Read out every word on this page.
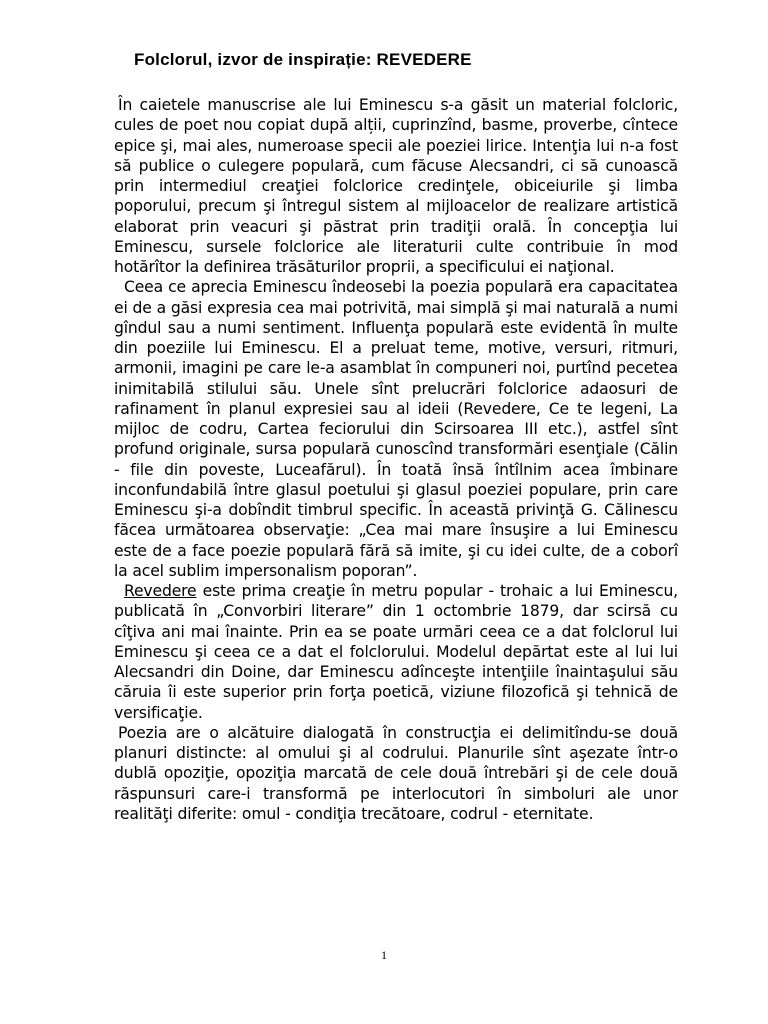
Folclorul, izvor de inspirație: REVEDERE

În caietele manuscrise ale lui Eminescu s-a găsit un material folcloric, cules de poet nou copiat după alții, cuprinzînd, basme, proverbe, cîntece epice şi, mai ales, numeroase specii ale poeziei lirice. Intenţia lui n-a fost să publice o culegere populară, cum făcuse Alecsandri, ci să cunoască prin intermediul creaţiei folclorice credinţele, obiceiurile şi limba poporului, precum şi întregul sistem al mijloacelor de realizare artistică elaborat prin veacuri şi păstrat prin tradiţii orală. În concepţia lui Eminescu, sursele folclorice ale literaturii culte contribuie în mod hotărîtor la definirea trăsăturilor proprii, a specificului ei naţional.

Ceea ce aprecia Eminescu îndeosebi la poezia populară era capacitatea ei de a găsi expresia cea mai potrivită, mai simplă şi mai naturală a numi gîndul sau a numi sentiment. Influenţa populară este evidentă în multe din poeziile lui Eminescu. El a preluat teme, motive, versuri, ritmuri, armonii, imagini pe care le-a asamblat în compuneri noi, purtînd pecetea inimitabilă stilului său. Unele sînt prelucrări folclorice adaosuri de rafinament în planul expresiei sau al ideii (Revedere, Ce te legeni, La mijloc de codru, Cartea feciorului din Scirsoarea III etc.), astfel sînt profund originale, sursa populară cunoscînd transformări esenţiale (Călin - file din poveste, Luceafărul). În toată însă întîlnim acea îmbinare inconfundabilă între glasul poetului şi glasul poeziei populare, prin care Eminescu şi-a dobîndit timbrul specific. În această privinţă G. Călinescu făcea următoarea observaţie: „Cea mai mare însuşire a lui Eminescu este de a face poezie populară fără să imite, şi cu idei culte, de a coborî la acel sublim impersonalism poporan”.

Revedere este prima creaţie în metru popular - trohaic a lui Eminescu, publicată în „Convorbiri literare” din 1 octombrie 1879, dar scirsă cu cîţiva ani mai înainte. Prin ea se poate urmări ceea ce a dat folclorul lui Eminescu şi ceea ce a dat el folclorului. Modelul depărtat este al lui lui Alecsandri din Doine, dar Eminescu adînceşte intenţiile înaintaşului său căruia îi este superior prin forţa poetică, viziune filozofică şi tehnică de versificaţie.

Poezia are o alcătuire dialogată în construcţia ei delimitîndu-se două planuri distincte: al omului şi al codrului. Planurile sînt aşezate într-o dublă opoziţie, opoziţia marcată de cele două întrebări şi de cele două răspunsuri care-i transformă pe interlocutori în simboluri ale unor realităţi diferite: omul - condiţia trecătoare, codrul - eternitate.

1
